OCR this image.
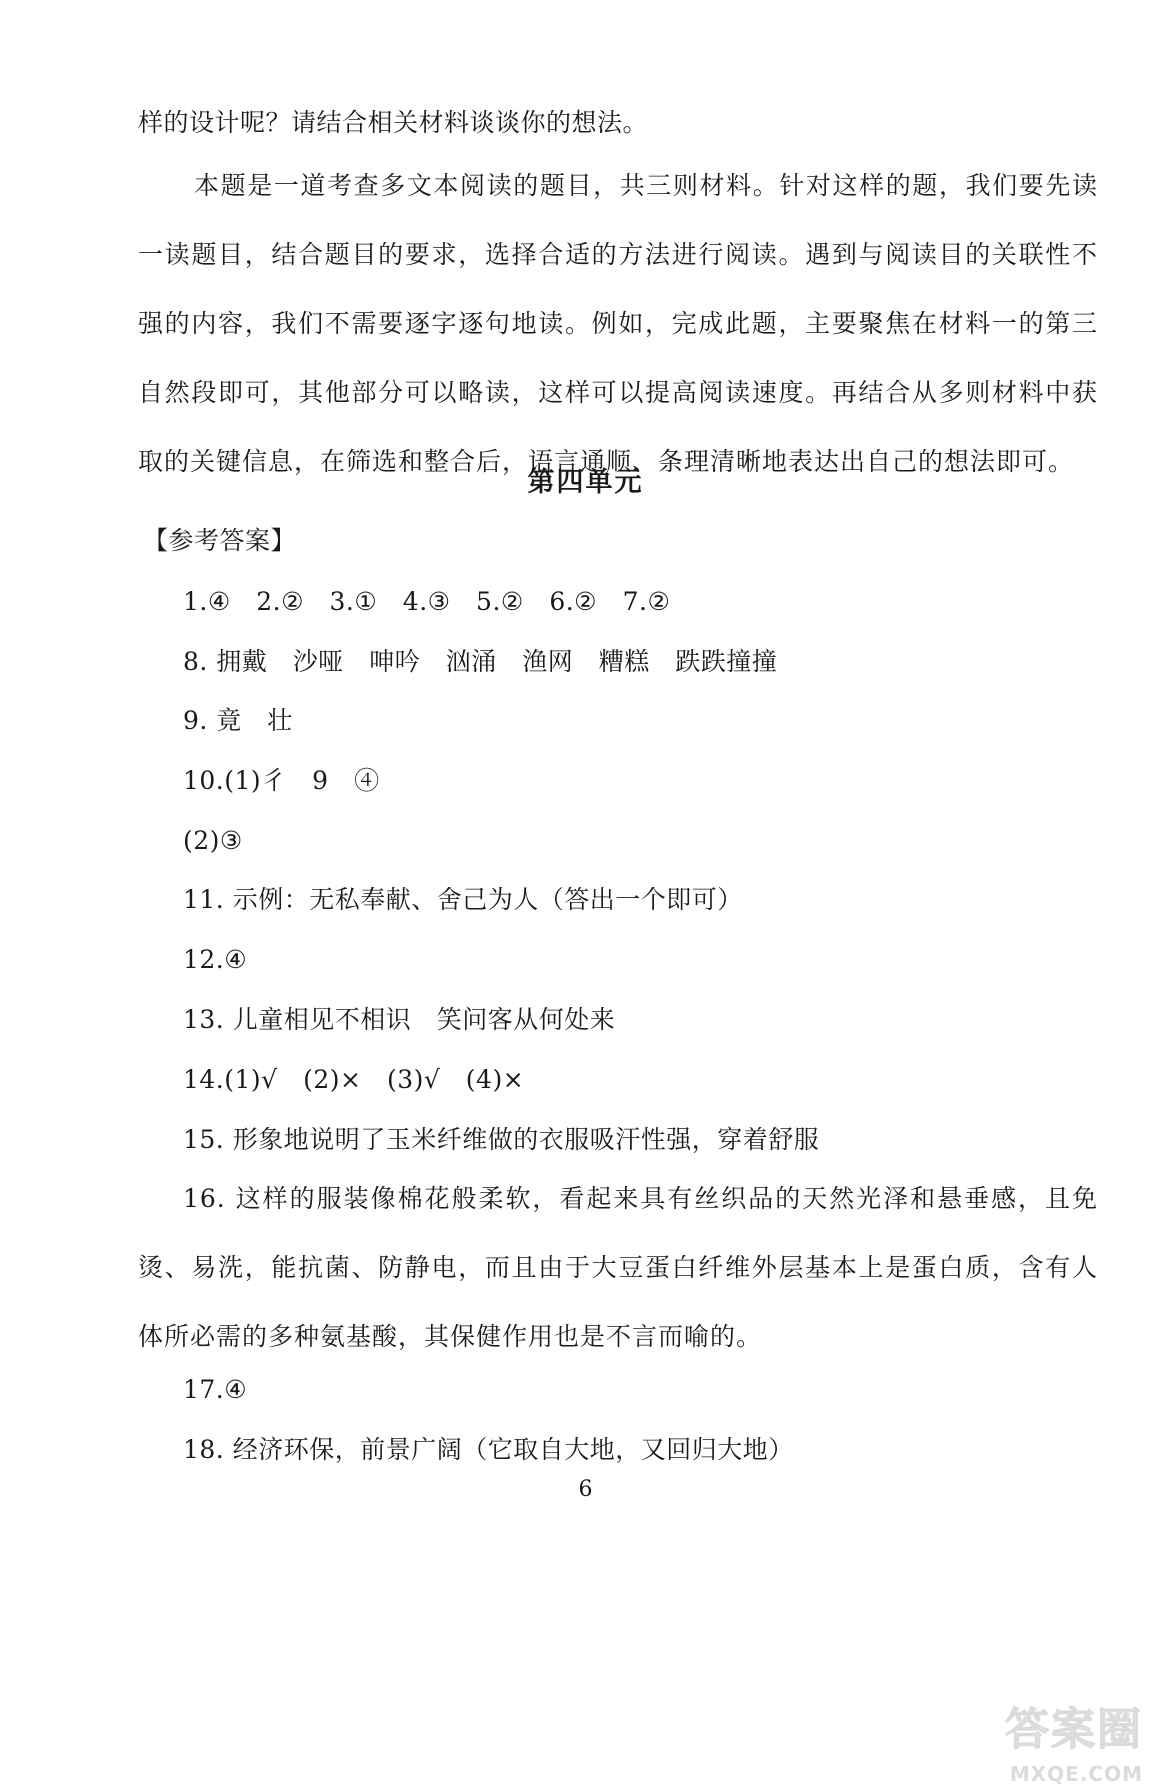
样的设计呢？请结合相关材料谈谈你的想法。
本题是一道考查多文本阅读的题目，共三则材料。针对这样的题，我们要先读一读题目，结合题目的要求，选择合适的方法进行阅读。遇到与阅读目的关联性不强的内容，我们不需要逐字逐句地读。例如，完成此题，主要聚焦在材料一的第三自然段即可，其他部分可以略读，这样可以提高阅读速度。再结合从多则材料中获取的关键信息，在筛选和整合后，语言通顺、条理清晰地表达出自己的想法即可。
第四单元
【参考答案】
1.④　2.②　3.①　4.③　5.②　6.②　7.②
8. 拥戴　沙哑　呻吟　汹涌　渔网　糟糕　跌跌撞撞
9. 竟　壮
10.(1)彳　9　④
(2)③
11. 示例：无私奉献、舍己为人（答出一个即可）
12.④
13. 儿童相见不相识　笑问客从何处来
14.(1)√　(2)×　(3)√　(4)×
15. 形象地说明了玉米纤维做的衣服吸汗性强，穿着舒服
16. 这样的服装像棉花般柔软，看起来具有丝织品的天然光泽和悬垂感，且免烫、易洗，能抗菌、防静电，而且由于大豆蛋白纤维外层基本上是蛋白质，含有人体所必需的多种氨基酸，其保健作用也是不言而喻的。
17.④
18. 经济环保，前景广阔（它取自大地，又回归大地）
6
答案圈
MXQE.COM
